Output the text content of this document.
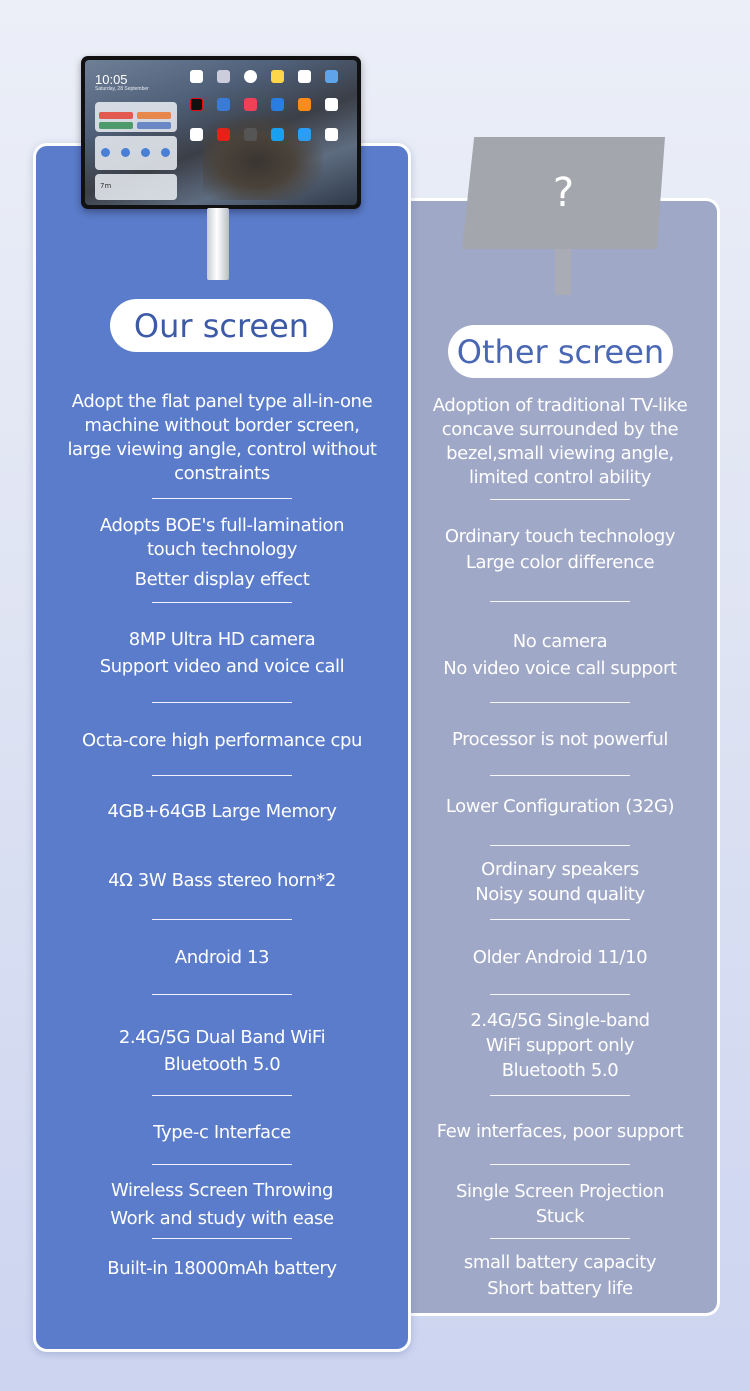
10:05
Saturday, 28 September
7m	?
Our screen
Other screen
Adopt the flat panel type all-in-one
machine without border screen,
large viewing angle, control without
constraints
Adopts BOE's full-lamination
touch technology
Better display effect
8MP Ultra HD camera
Support video and voice call
Octa-core high performance cpu
4GB+64GB Large Memory
4Ω 3W Bass stereo horn*2
Android 13
2.4G/5G Dual Band WiFi
Bluetooth 5.0
Type-c Interface
Wireless Screen Throwing
Work and study with ease
Built-in 18000mAh battery
Adoption of traditional TV-like
concave surrounded by the
bezel,small viewing angle,
limited control ability
Ordinary touch technology
Large color difference
No camera
No video voice call support
Processor is not powerful
Lower Configuration (32G)
Ordinary speakers
Noisy sound quality
Older Android 11/10
2.4G/5G Single-band
WiFi support only
Bluetooth 5.0
Few interfaces, poor support
Single Screen Projection
Stuck
small battery capacity
Short battery life
